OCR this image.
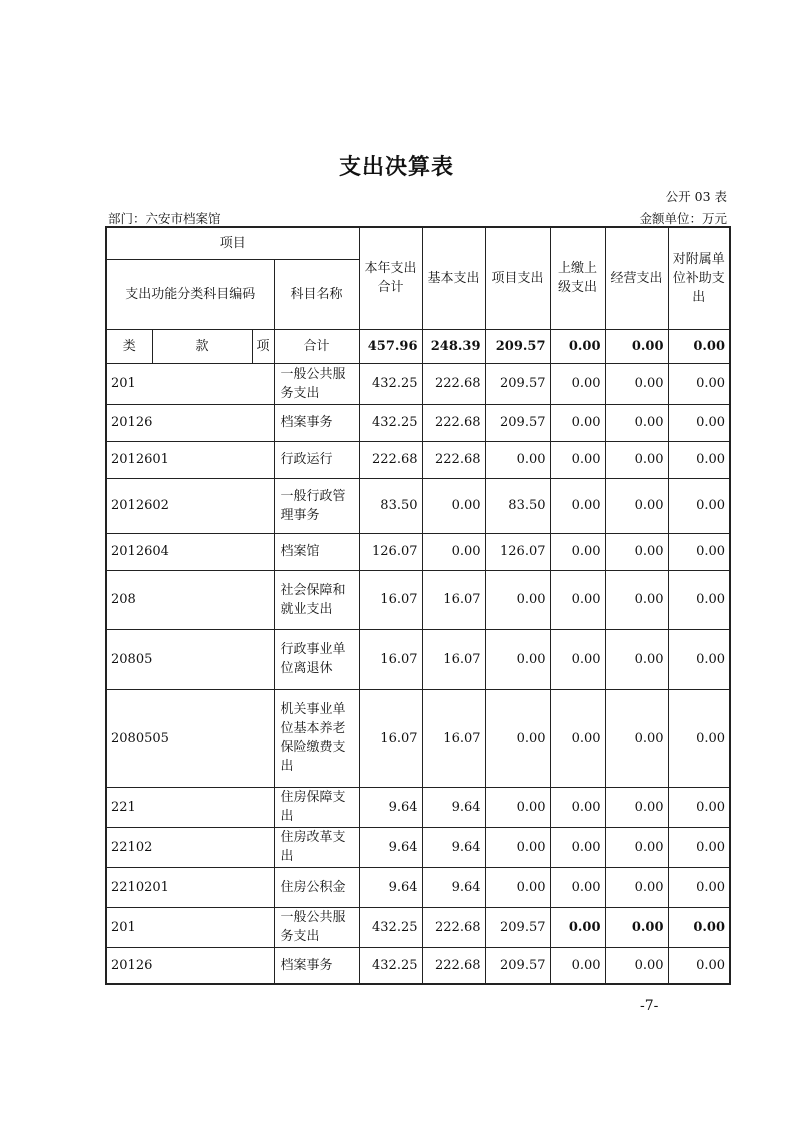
支出决算表
公开 03 表
部门：六安市档案馆	金额单位：万元
项目				本年支出合计	基本支出	项目支出	上缴上级支出	经营支出	对附属单位补助支出
支出功能分类科目编码			科目名称						
类	款	项	合计	457.96	248.39	209.57	0.00	0.00	0.00
201			一般公共服务支出	432.25	222.68	209.57	0.00	0.00	0.00
20126			档案事务	432.25	222.68	209.57	0.00	0.00	0.00
2012601			行政运行	222.68	222.68	0.00	0.00	0.00	0.00
2012602			一般行政管理事务	83.50	0.00	83.50	0.00	0.00	0.00
2012604			档案馆	126.07	0.00	126.07	0.00	0.00	0.00
208			社会保障和就业支出	16.07	16.07	0.00	0.00	0.00	0.00
20805			行政事业单位离退休	16.07	16.07	0.00	0.00	0.00	0.00
2080505			机关事业单位基本养老保险缴费支出	16.07	16.07	0.00	0.00	0.00	0.00
221			住房保障支出	9.64	9.64	0.00	0.00	0.00	0.00
22102			住房改革支出	9.64	9.64	0.00	0.00	0.00	0.00
2210201			住房公积金	9.64	9.64	0.00	0.00	0.00	0.00
201			一般公共服务支出	432.25	222.68	209.57	0.00	0.00	0.00
20126			档案事务	432.25	222.68	209.57	0.00	0.00	0.00
-7-
